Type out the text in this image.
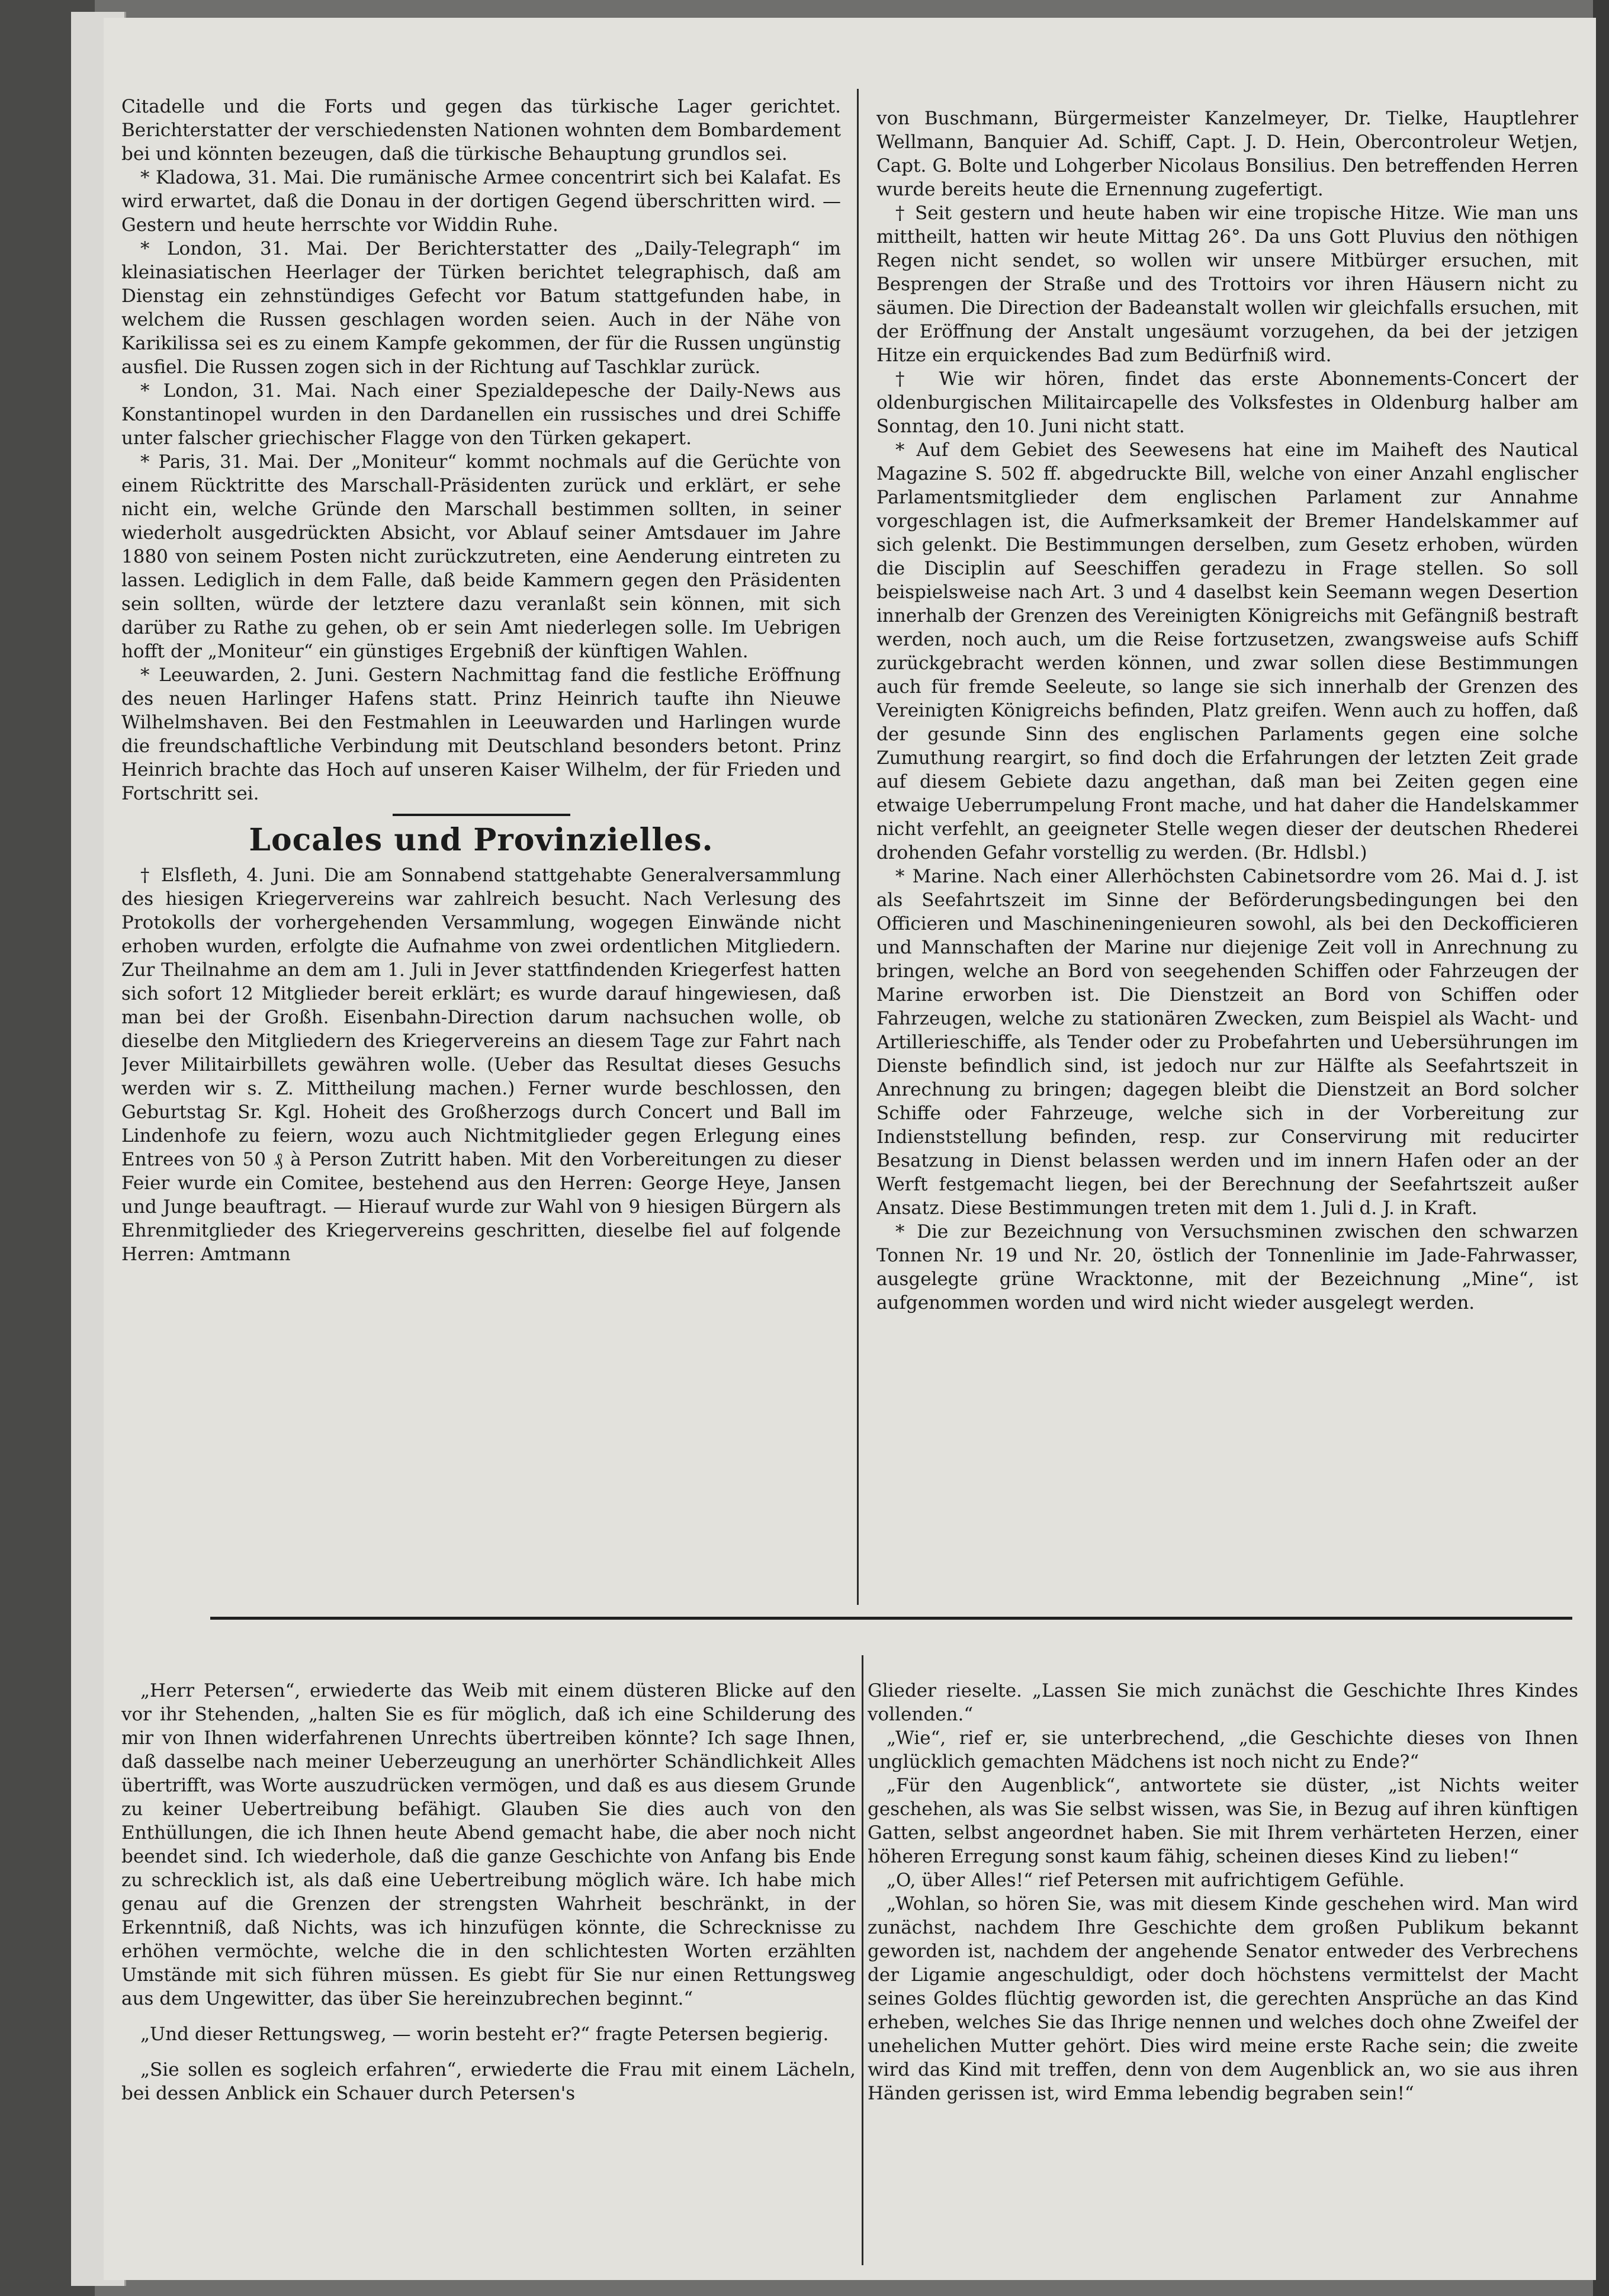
Citadelle und die Forts und gegen das türkische Lager gerichtet. Berichterstatter der verschiedensten Nationen wohnten dem Bombardement bei und könnten bezeugen, daß die türkische Behauptung grundlos sei.

* Kladowa, 31. Mai. Die rumänische Armee concentrirt sich bei Kalafat. Es wird erwartet, daß die Donau in der dortigen Gegend überschritten wird. — Gestern und heute herrschte vor Widdin Ruhe.

* London, 31. Mai. Der Berichterstatter des „Daily-Telegraph“ im kleinasiatischen Heerlager der Türken berichtet telegraphisch, daß am Dienstag ein zehnstündiges Gefecht vor Batum stattgefunden habe, in welchem die Russen geschlagen worden seien. Auch in der Nähe von Karikilissa sei es zu einem Kampfe gekommen, der für die Russen ungünstig ausfiel. Die Russen zogen sich in der Richtung auf Taschklar zurück.

* London, 31. Mai. Nach einer Spezialdepesche der Daily-News aus Konstantinopel wurden in den Dardanellen ein russisches und drei Schiffe unter falscher griechischer Flagge von den Türken gekapert.

* Paris, 31. Mai. Der „Moniteur“ kommt nochmals auf die Gerüchte von einem Rücktritte des Marschall-Präsidenten zurück und erklärt, er sehe nicht ein, welche Gründe den Marschall bestimmen sollten, in seiner wiederholt ausgedrückten Absicht, vor Ablauf seiner Amtsdauer im Jahre 1880 von seinem Posten nicht zurückzutreten, eine Aenderung eintreten zu lassen. Lediglich in dem Falle, daß beide Kammern gegen den Präsidenten sein sollten, würde der letztere dazu veranlaßt sein können, mit sich darüber zu Rathe zu gehen, ob er sein Amt niederlegen solle. Im Uebrigen hofft der „Moniteur“ ein günstiges Ergebniß der künftigen Wahlen.

* Leeuwarden, 2. Juni. Gestern Nachmittag fand die festliche Eröffnung des neuen Harlinger Hafens statt. Prinz Heinrich taufte ihn Nieuwe Wilhelmshaven. Bei den Festmahlen in Leeuwarden und Harlingen wurde die freundschaftliche Verbindung mit Deutschland besonders betont. Prinz Heinrich brachte das Hoch auf unseren Kaiser Wilhelm, der für Frieden und Fortschritt sei.

Locales und Provinzielles.

† Elsfleth, 4. Juni. Die am Sonnabend stattgehabte Generalversammlung des hiesigen Kriegervereins war zahlreich besucht. Nach Verlesung des Protokolls der vorhergehenden Versammlung, wogegen Einwände nicht erhoben wurden, erfolgte die Aufnahme von zwei ordentlichen Mitgliedern. Zur Theilnahme an dem am 1. Juli in Jever stattfindenden Kriegerfest hatten sich sofort 12 Mitglieder bereit erklärt; es wurde darauf hingewiesen, daß man bei der Großh. Eisenbahn-Direction darum nachsuchen wolle, ob dieselbe den Mitgliedern des Kriegervereins an diesem Tage zur Fahrt nach Jever Militairbillets gewähren wolle. (Ueber das Resultat dieses Gesuchs werden wir s. Z. Mittheilung machen.) Ferner wurde beschlossen, den Geburtstag Sr. Kgl. Hoheit des Großherzogs durch Concert und Ball im Lindenhofe zu feiern, wozu auch Nichtmitglieder gegen Erlegung eines Entrees von 50 ₰ à Person Zutritt haben. Mit den Vorbereitungen zu dieser Feier wurde ein Comitee, bestehend aus den Herren: George Heye, Jansen und Junge beauftragt. — Hierauf wurde zur Wahl von 9 hiesigen Bürgern als Ehrenmitglieder des Kriegervereins geschritten, dieselbe fiel auf folgende Herren: Amtmann

von Buschmann, Bürgermeister Kanzelmeyer, Dr. Tielke, Hauptlehrer Wellmann, Banquier Ad. Schiff, Capt. J. D. Hein, Obercontroleur Wetjen, Capt. G. Bolte und Lohgerber Nicolaus Bonsilius. Den betreffenden Herren wurde bereits heute die Ernennung zugefertigt.

† Seit gestern und heute haben wir eine tropische Hitze. Wie man uns mittheilt, hatten wir heute Mittag 26°. Da uns Gott Pluvius den nöthigen Regen nicht sendet, so wollen wir unsere Mitbürger ersuchen, mit Besprengen der Straße und des Trottoirs vor ihren Häusern nicht zu säumen. Die Direction der Badeanstalt wollen wir gleichfalls ersuchen, mit der Eröffnung der Anstalt ungesäumt vorzugehen, da bei der jetzigen Hitze ein erquickendes Bad zum Bedürfniß wird.

† Wie wir hören, findet das erste Abonnements-Concert der oldenburgischen Militaircapelle des Volksfestes in Oldenburg halber am Sonntag, den 10. Juni nicht statt.

* Auf dem Gebiet des Seewesens hat eine im Maiheft des Nautical Magazine S. 502 ff. abgedruckte Bill, welche von einer Anzahl englischer Parlamentsmitglieder dem englischen Parlament zur Annahme vorgeschlagen ist, die Aufmerksamkeit der Bremer Handelskammer auf sich gelenkt. Die Bestimmungen derselben, zum Gesetz erhoben, würden die Disciplin auf Seeschiffen geradezu in Frage stellen. So soll beispielsweise nach Art. 3 und 4 daselbst kein Seemann wegen Desertion innerhalb der Grenzen des Vereinigten Königreichs mit Gefängniß bestraft werden, noch auch, um die Reise fortzusetzen, zwangsweise aufs Schiff zurückgebracht werden können, und zwar sollen diese Bestimmungen auch für fremde Seeleute, so lange sie sich innerhalb der Grenzen des Vereinigten Königreichs befinden, Platz greifen. Wenn auch zu hoffen, daß der gesunde Sinn des englischen Parlaments gegen eine solche Zumuthung reargirt, so find doch die Erfahrungen der letzten Zeit grade auf diesem Gebiete dazu angethan, daß man bei Zeiten gegen eine etwaige Ueberrumpelung Front mache, und hat daher die Handelskammer nicht verfehlt, an geeigneter Stelle wegen dieser der deutschen Rhederei drohenden Gefahr vorstellig zu werden. (Br. Hdlsbl.)

* Marine. Nach einer Allerhöchsten Cabinetsordre vom 26. Mai d. J. ist als Seefahrtszeit im Sinne der Beförderungsbedingungen bei den Officieren und Maschineningenieuren sowohl, als bei den Deckofficieren und Mannschaften der Marine nur diejenige Zeit voll in Anrechnung zu bringen, welche an Bord von seegehenden Schiffen oder Fahrzeugen der Marine erworben ist. Die Dienstzeit an Bord von Schiffen oder Fahrzeugen, welche zu stationären Zwecken, zum Beispiel als Wacht- und Artillerieschiffe, als Tender oder zu Probefahrten und Uebersührungen im Dienste befindlich sind, ist jedoch nur zur Hälfte als Seefahrtszeit in Anrechnung zu bringen; dagegen bleibt die Dienstzeit an Bord solcher Schiffe oder Fahrzeuge, welche sich in der Vorbereitung zur Indienststellung befinden, resp. zur Conservirung mit reducirter Besatzung in Dienst belassen werden und im innern Hafen oder an der Werft festgemacht liegen, bei der Berechnung der Seefahrtszeit außer Ansatz. Diese Bestimmungen treten mit dem 1. Juli d. J. in Kraft.

* Die zur Bezeichnung von Versuchsminen zwischen den schwarzen Tonnen Nr. 19 und Nr. 20, östlich der Tonnenlinie im Jade-Fahrwasser, ausgelegte grüne Wracktonne, mit der Bezeichnung „Mine“, ist aufgenommen worden und wird nicht wieder ausgelegt werden.

„Herr Petersen“, erwiederte das Weib mit einem düsteren Blicke auf den vor ihr Stehenden, „halten Sie es für möglich, daß ich eine Schilderung des mir von Ihnen widerfahrenen Unrechts übertreiben könnte? Ich sage Ihnen, daß dasselbe nach meiner Ueberzeugung an unerhörter Schändlichkeit Alles übertrifft, was Worte auszudrücken vermögen, und daß es aus diesem Grunde zu keiner Uebertreibung befähigt. Glauben Sie dies auch von den Enthüllungen, die ich Ihnen heute Abend gemacht habe, die aber noch nicht beendet sind. Ich wiederhole, daß die ganze Geschichte von Anfang bis Ende zu schrecklich ist, als daß eine Uebertreibung möglich wäre. Ich habe mich genau auf die Grenzen der strengsten Wahrheit beschränkt, in der Erkenntniß, daß Nichts, was ich hinzufügen könnte, die Schrecknisse zu erhöhen vermöchte, welche die in den schlichtesten Worten erzählten Umstände mit sich führen müssen. Es giebt für Sie nur einen Rettungsweg aus dem Ungewitter, das über Sie hereinzubrechen beginnt.“

„Und dieser Rettungsweg, — worin besteht er?“ fragte Petersen begierig.

„Sie sollen es sogleich erfahren“, erwiederte die Frau mit einem Lächeln, bei dessen Anblick ein Schauer durch Petersen's

Glieder rieselte. „Lassen Sie mich zunächst die Geschichte Ihres Kindes vollenden.“

„Wie“, rief er, sie unterbrechend, „die Geschichte dieses von Ihnen unglücklich gemachten Mädchens ist noch nicht zu Ende?“

„Für den Augenblick“, antwortete sie düster, „ist Nichts weiter geschehen, als was Sie selbst wissen, was Sie, in Bezug auf ihren künftigen Gatten, selbst angeordnet haben. Sie mit Ihrem verhärteten Herzen, einer höheren Erregung sonst kaum fähig, scheinen dieses Kind zu lieben!“

„O, über Alles!“ rief Petersen mit aufrichtigem Gefühle.

„Wohlan, so hören Sie, was mit diesem Kinde geschehen wird. Man wird zunächst, nachdem Ihre Geschichte dem großen Publikum bekannt geworden ist, nachdem der angehende Senator entweder des Verbrechens der Ligamie angeschuldigt, oder doch höchstens vermittelst der Macht seines Goldes flüchtig geworden ist, die gerechten Ansprüche an das Kind erheben, welches Sie das Ihrige nennen und welches doch ohne Zweifel der unehelichen Mutter gehört. Dies wird meine erste Rache sein; die zweite wird das Kind mit treffen, denn von dem Augenblick an, wo sie aus ihren Händen gerissen ist, wird Emma lebendig begraben sein!“
